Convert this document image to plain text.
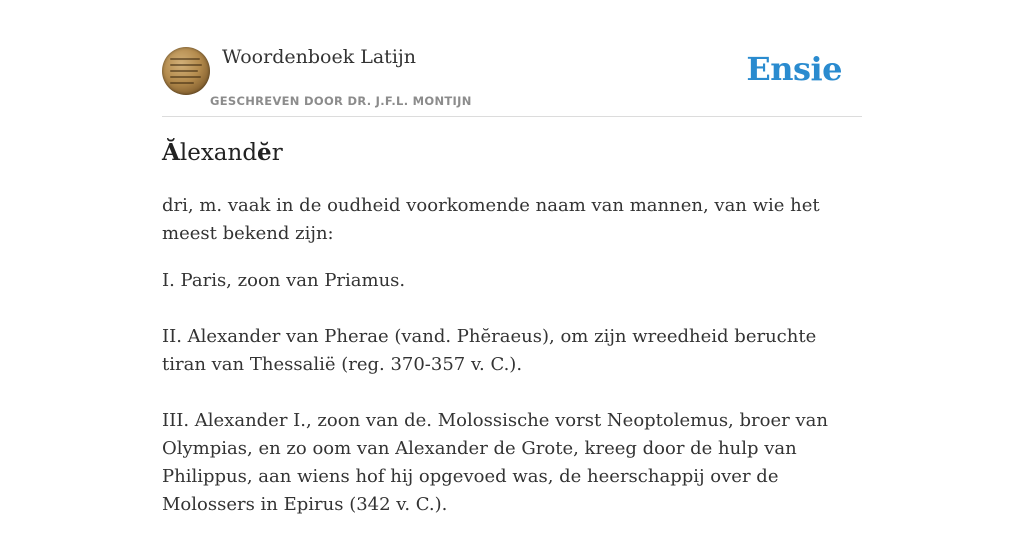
Woordenboek Latijn
GESCHREVEN DOOR DR. J.F.L. MONTIJN
Ensie
Ălexandĕr

dri, m. vaak in de oudheid voorkomende naam van mannen, van wie het meest bekend zijn:

I. Paris, zoon van Priamus.

II. Alexander van Pherae (vand. Phĕraeus), om zijn wreedheid beruchte tiran van Thessalië (reg. 370-357 v. C.).

III. Alexander I., zoon van de. Molossische vorst Neoptolemus, broer van Olympias, en zo oom van Alexander de Grote, kreeg door de hulp van Philippus, aan wiens hof hij opgevoed was, de heerschappij over de Molossers in Epirus (342 v. C.).
